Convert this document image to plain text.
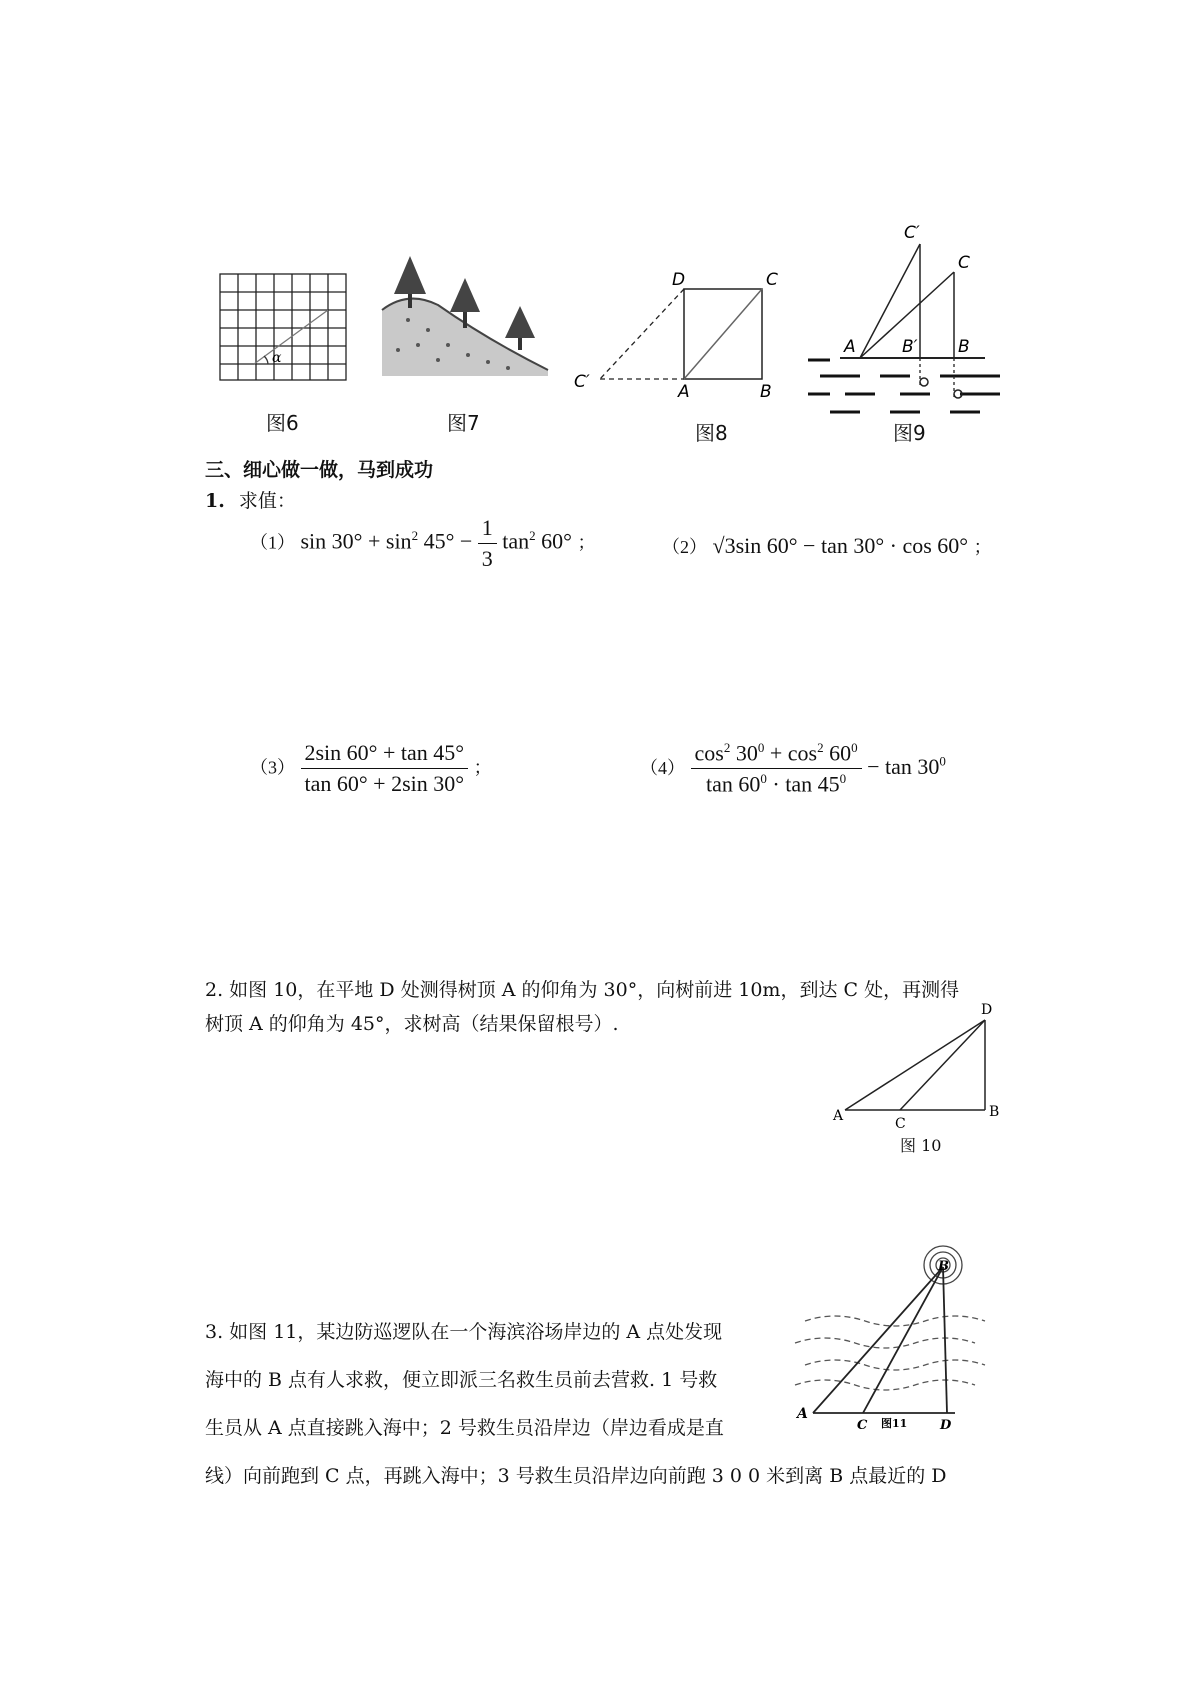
α
图6	图7
D	C
A	B
C′
图8
C′
C
A	B′ B
图9
三、细心做一做，马到成功
1. 求值：
（1） $\sin 30^\circ + \sin^2 45^\circ - \frac{1}{3} \tan^2 60^\circ$ ；	（2） √3sin 60° − tan 30° · cos 60° ；
$(3) \frac{2\sin 60^\circ + \tan 45^\circ}{\tan 60^\circ + 2\sin 30^\circ}$ ；	$(4) \frac{\cos^2 30^0 + \cos^2 60^0}{\tan 60^0 \cdot \tan 45^0} - \tan 30^0$
2. 如图 10，在平地 D 处测得树顶 A 的仰角为 30°，向树前进 10m，到达 C 处，再测得
树顶 A 的仰角为 45°，求树高（结果保留根号）.
D
A	C
B
图 10
3. 如图 11，某边防巡逻队在一个海滨浴场岸边的 A 点处发现
海中的 B 点有人求救，便立即派三名救生员前去营救. 1 号救
生员从 A 点直接跳入海中；2 号救生员沿岸边（岸边看成是直
线）向前跑到 C 点，再跳入海中；3 号救生员沿岸边向前跑 3 0 0 米到离 B 点最近的 D
A
C	D
B
图11
